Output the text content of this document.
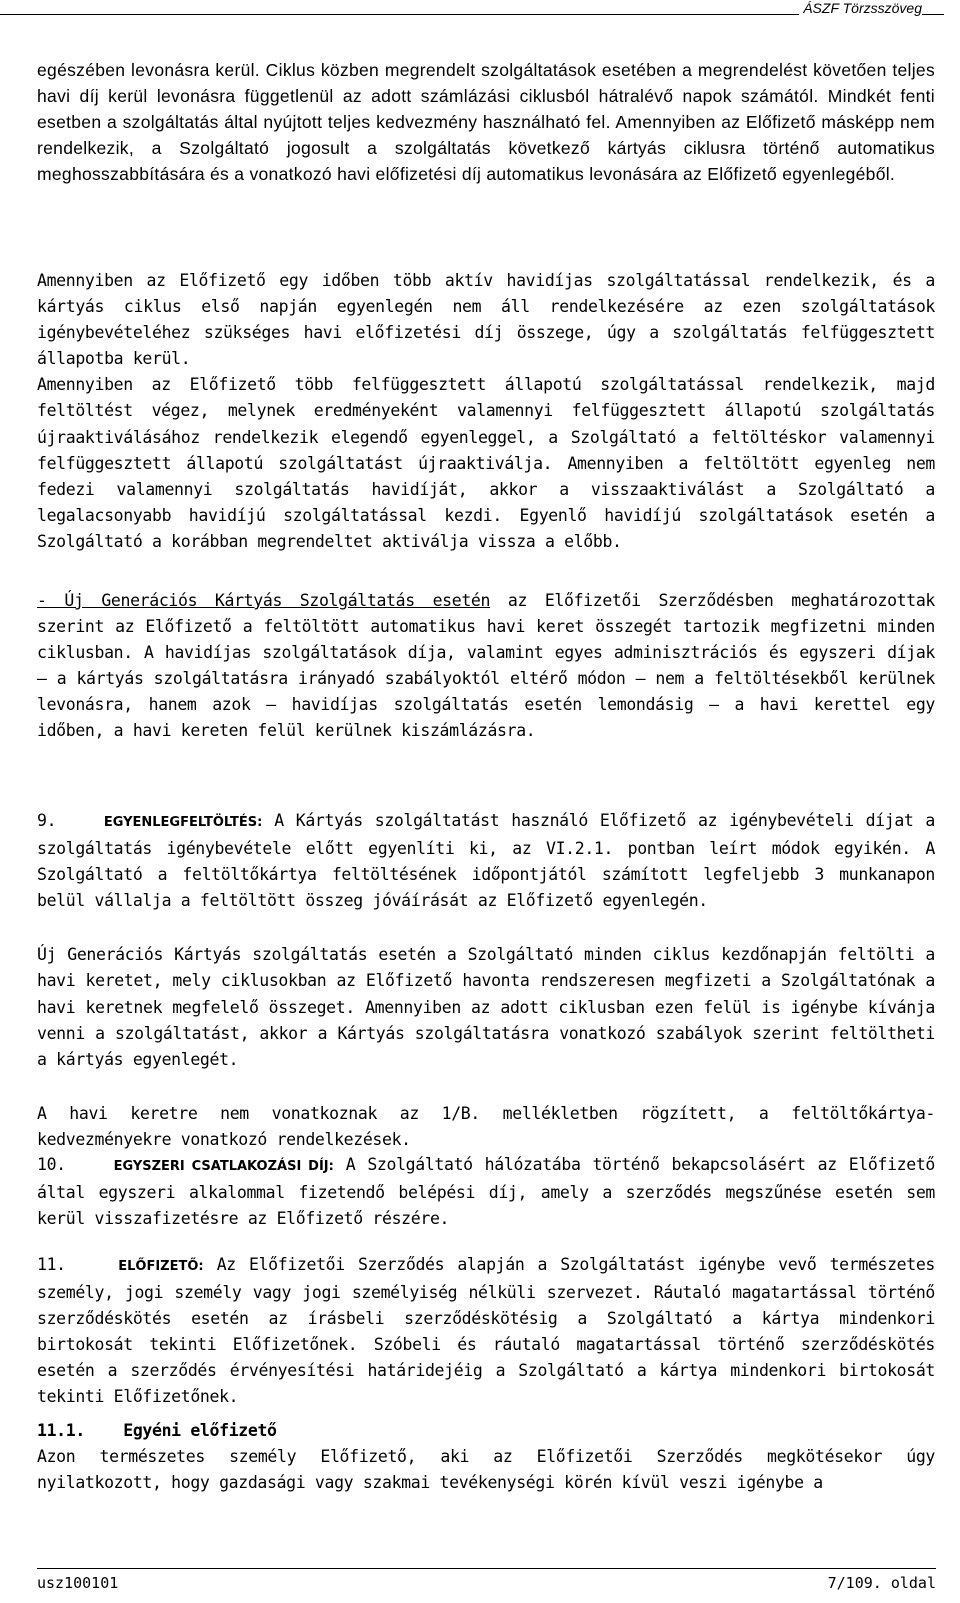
ÁSZF Törzsszöveg

egészében levonásra kerül. Ciklus közben megrendelt szolgáltatások esetében a megrendelést követően teljes havi díj kerül levonásra függetlenül az adott számlázási ciklusból hátralévő napok számától. Mindkét fenti esetben a szolgáltatás által nyújtott teljes kedvezmény használható fel. Amennyiben az Előfizető másképp nem rendelkezik, a Szolgáltató jogosult a szolgáltatás következő kártyás ciklusra történő automatikus meghosszabbítására és a vonatkozó havi előfizetési díj automatikus levonására az Előfizető egyenlegéből.

Amennyiben az Előfizető egy időben több aktív havidíjas szolgáltatással rendelkezik, és a kártyás ciklus első napján egyenlegén nem áll rendelkezésére az ezen szolgáltatások igénybevételéhez szükséges havi előfizetési díj összege, úgy a szolgáltatás felfüggesztett állapotba kerül.

Amennyiben az Előfizető több felfüggesztett állapotú szolgáltatással rendelkezik, majd feltöltést végez, melynek eredményeként valamennyi felfüggesztett állapotú szolgáltatás újraaktiválásához rendelkezik elegendő egyenleggel, a Szolgáltató a feltöltéskor valamennyi felfüggesztett állapotú szolgáltatást újraaktiválja. Amennyiben a feltöltött egyenleg nem fedezi valamennyi szolgáltatás havidíját, akkor a visszaaktiválást a Szolgáltató a legalacsonyabb havidíjú szolgáltatással kezdi. Egyenlő havidíjú szolgáltatások esetén a Szolgáltató a korábban megrendeltet aktiválja vissza a előbb.

- Új Generációs Kártyás Szolgáltatás esetén az Előfizetői Szerződésben meghatározottak szerint az Előfizető a feltöltött automatikus havi keret összegét tartozik megfizetni minden ciklusban. A havidíjas szolgáltatások díja, valamint egyes adminisztrációs és egyszeri díjak — a kártyás szolgáltatásra irányadó szabályoktól eltérő módon — nem a feltöltésekből kerülnek levonásra, hanem azok — havidíjas szolgáltatás esetén lemondásig — a havi kerettel egy időben, a havi kereten felül kerülnek kiszámlázásra.

9.	EGYENLEGFELTÖLTÉS: A Kártyás szolgáltatást használó Előfizető az igénybevételi díjat a szolgáltatás igénybevétele előtt egyenlíti ki, az VI.2.1. pontban leírt módok egyikén. A Szolgáltató a feltöltőkártya feltöltésének időpontjától számított legfeljebb 3 munkanapon belül vállalja a feltöltött összeg jóváírását az Előfizető egyenlegén.

Új Generációs Kártyás szolgáltatás esetén a Szolgáltató minden ciklus kezdőnapján feltölti a havi keretet, mely ciklusokban az Előfizető havonta rendszeresen megfizeti a Szolgáltatónak a havi keretnek megfelelő összeget. Amennyiben az adott ciklusban ezen felül is igénybe kívánja venni a szolgáltatást, akkor a Kártyás szolgáltatásra vonatkozó szabályok szerint feltöltheti a kártyás egyenlegét.

A havi keretre nem vonatkoznak az 1/B. mellékletben rögzített, a feltöltőkártya-kedvezményekre vonatkozó rendelkezések.

10.	EGYSZERI CSATLAKOZÁSI DÍJ: A Szolgáltató hálózatába történő bekapcsolásért az Előfizető által egyszeri alkalommal fizetendő belépési díj, amely a szerződés megszűnése esetén sem kerül visszafizetésre az Előfizető részére.

11.	ELŐFIZETŐ: Az Előfizetői Szerződés alapján a Szolgáltatást igénybe vevő természetes személy, jogi személy vagy jogi személyiség nélküli szervezet. Ráutaló magatartással történő szerződéskötés esetén az írásbeli szerződéskötésig a Szolgáltató a kártya mindenkori birtokosát tekinti Előfizetőnek. Szóbeli és ráutaló magatartással történő szerződéskötés esetén a szerződés érvényesítési határidejéig a Szolgáltató a kártya mindenkori birtokosát tekinti Előfizetőnek.

11.1. Egyéni előfizető

Azon természetes személy Előfizető, aki az Előfizetői Szerződés megkötésekor úgy nyilatkozott, hogy gazdasági vagy szakmai tevékenységi körén kívül veszi igénybe a

usz100101	7/109. oldal
